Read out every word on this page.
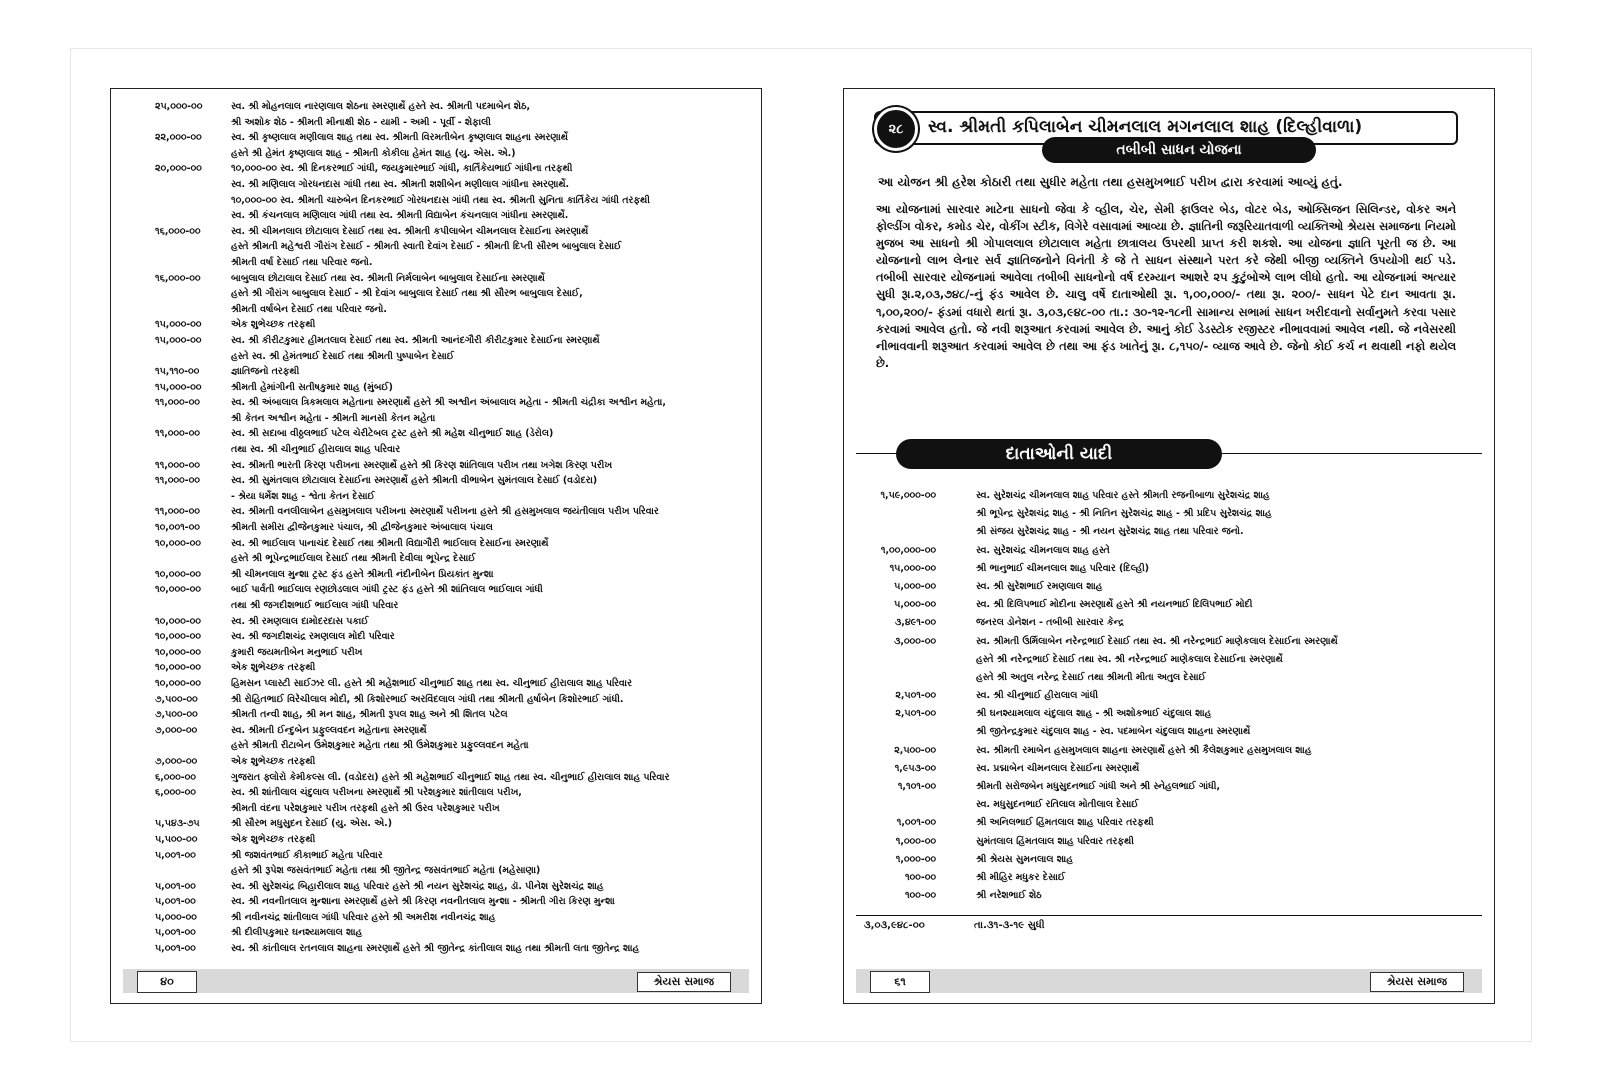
૨૫,૦૦૦-૦૦	સ્વ. શ્રી મોહનલાલ નારણલાલ શેઠના સ્મરણાર્થે હસ્તે સ્વ. શ્રીમતી પદમાબેન શેઠ,
શ્રી અશોક શેઠ - શ્રીમતી મીનાક્ષી શેઠ - યામી - અમી - પૂર્વી - શેફાલી
૨૨,૦૦૦-૦૦	સ્વ. શ્રી કૃષ્ણલાલ મણીલાલ શાહ તથા સ્વ. શ્રીમતી વિરમતીબેન કૃષ્ણલાલ શાહના સ્મરણાર્થે
હસ્તે શ્રી હેમંત કૃષ્ણલાલ શાહ - શ્રીમતી કોકીલા હેમંત શાહ (યુ. એસ. એ.)
૨૦,૦૦૦-૦૦	૧૦,૦૦૦-૦૦ સ્વ. શ્રી દિનકરભાઈ ગાંધી, જયકુમારભાઈ ગાંધી, કાર્તિકેયભાઈ ગાંધીના તરફથી
સ્વ. શ્રી મણિલાલ ગોરધનદાસ ગાંધી તથા સ્વ. શ્રીમતી શશીબેન મણીલાલ ગાંધીના સ્મરણાર્થે.
૧૦,૦૦૦-૦૦ સ્વ. શ્રીમતી ચારુબેન દિનકરભાઈ ગોરધનદાસ ગાંધી તથા સ્વ. શ્રીમતી સુનિતા કાર્તિકેય ગાંધી તરફથી
સ્વ. શ્રી કંચનલાલ મણિલાલ ગાંધી તથા સ્વ. શ્રીમતી વિદ્યાબેન કંચનલાલ ગાંધીના સ્મરણાર્થે.
૧૬,૦૦૦-૦૦	સ્વ. શ્રી ચીમનલાલ છોટાલાલ દેસાઈ તથા સ્વ. શ્રીમતી કપીલાબેન ચીમનલાલ દેસાઈના સ્મરણાર્થે
હસ્તે શ્રીમતી મહેશ્વરી ગૌરાંગ દેસાઈ - શ્રીમતી સ્વાતી દેવાંગ દેસાઈ - શ્રીમતી દિપ્તી સૌરભ બાબુલાલ દેસાઈ
શ્રીમતી વર્ષા દેસાઈ તથા પરિવાર જનો.
૧૬,૦૦૦-૦૦	બાબુલાલ છોટાલાલ દેસાઈ તથા સ્વ. શ્રીમતી નિર્મલાબેન બાબુલાલ દેસાઈના સ્મરણાર્થે
હસ્તે શ્રી ગૌરાંગ બાબુલાલ દેસાઈ - શ્રી દેવાંગ બાબુલાલ દેસાઈ તથા શ્રી સૌરભ બાબુલાલ દેસાઈ,
શ્રીમતી વર્ષાબેન દેસાઈ તથા પરિવાર જનો.
૧૫,૦૦૦-૦૦	એક શુભેચ્છક તરફથી
૧૫,૦૦૦-૦૦	સ્વ. શ્રી કીરીટકુમાર હીમતલાલ દેસાઈ તથા સ્વ. શ્રીમતી આનંદગૌરી કીરીટકુમાર દેસાઈના સ્મરણાર્થે
હસ્તે સ્વ. શ્રી હેમંતભાઈ દેસાઈ તથા શ્રીમતી પુષ્પાબેન દેસાઈ
૧૫,૧૧૦-૦૦	જ્ઞાતિજનો તરફથી
૧૫,૦૦૦-૦૦	શ્રીમતી હેમાંગીની સતીષકુમાર શાહ (મુંબઈ)
૧૧,૦૦૦-૦૦	સ્વ. શ્રી અંબાલાલ ત્રિકમલાલ મહેતાના સ્મરણાર્થે હસ્તે શ્રી અશ્વીન અંબાલાલ મહેતા - શ્રીમતી ચંદ્રીકા અશ્વીન મહેતા,
શ્રી કેતન અશ્વીન મહેતા - શ્રીમતી માનસી કેતન મહેતા
૧૧,૦૦૦-૦૦	સ્વ. શ્રી સદાબા વીઠ્ઠલભાઈ પટેલ ચેરીટેબલ ટ્રસ્ટ હસ્તે શ્રી મહેશ ચીનુભાઈ શાહ (ડેરોલ)
તથા સ્વ. શ્રી ચીનુભાઈ હીરાલાલ શાહ પરિવાર
૧૧,૦૦૦-૦૦	સ્વ. શ્રીમતી ભારતી કિરણ પરીખના સ્મરણાર્થે હસ્તે શ્રી કિરણ શાંતિલાલ પરીખ તથા ખગેશ કિરણ પરીખ
૧૧,૦૦૦-૦૦	સ્વ. શ્રી સુમંતલાલ છોટાલાલ દેસાઈના સ્મરણાર્થે હસ્તે શ્રીમતી વીભાબેન સુમંતલાલ દેસાઈ (વડોદરા)
- શ્રેયા ધર્મેશ શાહ - શ્વેતા કેતન દેસાઈ
૧૧,૦૦૦-૦૦	સ્વ. શ્રીમતી વનલીલાબેન હસમુખલાલ પરીખના સ્મરણાર્થે પરીખના હસ્તે શ્રી હસમુખલાલ જયંતીલાલ પરીખ પરિવાર
૧૦,૦૦૧-૦૦	શ્રીમતી સમીરા દ્વીજેનકુમાર પંચાલ, શ્રી દ્વીજેનકુમાર અંબાલાલ પંચાલ
૧૦,૦૦૦-૦૦	સ્વ. શ્રી ભાઈલાલ પાનાચંદ દેસાઈ તથા શ્રીમતી વિદ્યાગૌરી ભાઈલાલ દેસાઈના સ્મરણાર્થે
હસ્તે શ્રી ભૂપેન્દ્રભાઈલાલ દેસાઈ તથા શ્રીમતી દેવીલા ભૂપેન્દ્ર દેસાઈ
૧૦,૦૦૦-૦૦	શ્રી ચીમનલાલ મુન્શા ટ્રસ્ટ ફંડ હસ્તે શ્રીમતી નંદીનીબેન પ્રિયકાંત મુન્શા
૧૦,૦૦૦-૦૦	બાઈ પાર્વતી ભાઈલાલ રણછોડલાલ ગાંધી ટ્રસ્ટ ફંડ હસ્તે શ્રી શાંતિલાલ ભાઈલાલ ગાંધી
તથા શ્રી જગદીશભાઈ ભાઈલાલ ગાંધી પરિવાર
૧૦,૦૦૦-૦૦	સ્વ. શ્રી રમણલાલ દામોદરદાસ પકાઈ
૧૦,૦૦૦-૦૦	સ્વ. શ્રી જગદીશચંદ્ર રમણલાલ મોદી પરિવાર
૧૦,૦૦૦-૦૦	કુમારી જયમતીબેન મનુભાઈ પરીખ
૧૦,૦૦૦-૦૦	એક શુભેચ્છક તરફથી
૧૦,૦૦૦-૦૦	હિમસન પ્લાસ્ટી સાઈઝર લી. હસ્તે શ્રી મહેશભાઈ ચીનુભાઈ શાહ તથા સ્વ. ચીનુભાઈ હીરાલાલ શાહ પરિવાર
૭,૫૦૦-૦૦	શ્રી રોહિતભાઈ વિરેચીલાલ મોદી, શ્રી કિશોરભાઈ અરવિંદલાલ ગાંધી તથા શ્રીમતી હર્ષાબેન કિશોરભાઈ ગાંધી.
૭,૫૦૦-૦૦	શ્રીમતી તન્વી શાહ, શ્રી મન શાહ, શ્રીમતી રૂપલ શાહ અને શ્રી શિતલ પટેલ
૭,૦૦૦-૦૦	સ્વ. શ્રીમતી ઈન્દુબેન પ્રફુલ્લવદન મહેતાના સ્મરણાર્થે
હસ્તે શ્રીમતી રીટાબેન ઉમેશકુમાર મહેતા તથા શ્રી ઉમેશકુમાર પ્રફુલ્લવદન મહેતા
૭,૦૦૦-૦૦	એક શુભેચ્છક તરફથી
૬,૦૦૦-૦૦	ગુજરાત ફ્લોરો કેમીકલ્સ લી. (વડોદરા) હસ્તે શ્રી મહેશભાઈ ચીનુભાઈ શાહ તથા સ્વ. ચીનુભાઈ હીરાલાલ શાહ પરિવાર
૬,૦૦૦-૦૦	સ્વ. શ્રી શાંતીલાલ ચંદુલાલ પરીખના સ્મરણાર્થે શ્રી પરેશકુમાર શાંતીલાલ પરીખ,
શ્રીમતી વંદના પરેશકુમાર પરીખ તરફથી હસ્તે શ્રી ઉરવ પરેશકુમાર પરીખ
૫,૫૪૩-૭૫	શ્રી સૌરભ મધુસુદન દેસાઈ (યુ. એસ. એ.)
૫,૫૦૦-૦૦	એક શુભેચ્છક તરફથી
૫,૦૦૧-૦૦	શ્રી જશવંતભાઈ કીકાભાઈ મહેતા પરિવાર
હસ્તે શ્રી રૂપેશ જસવંતભાઈ મહેતા તથા શ્રી જીતેન્દ્ર જસવંતભાઈ મહેતા (મહેસાણા)
૫,૦૦૧-૦૦	સ્વ. શ્રી સુરેશચંદ્ર બિહારીલાલ શાહ પરિવાર હસ્તે શ્રી નયન સુરેશચંદ્ર શાહ, ડૉ. પીનેશ સુરેશચંદ્ર શાહ
૫,૦૦૧-૦૦	સ્વ. શ્રી નવનીતલાલ મુન્શાના સ્મરણાર્થે હસ્તે શ્રી કિરણ નવનીતલાલ મુન્શા - શ્રીમતી ગીરા કિરણ મુન્શા
૫,૦૦૦-૦૦	શ્રી નવીનચંદ્ર શાંતીલાલ ગાંધી પરિવાર હસ્તે શ્રી અમરીશ નવીનચંદ્ર શાહ
૫,૦૦૧-૦૦	શ્રી દીલીપકુમાર ઘનશ્યામલાલ શાહ
૫,૦૦૧-૦૦	સ્વ. શ્રી કાંતીલાલ રતનલાલ શાહના સ્મરણાર્થે હસ્તે શ્રી જીતેન્દ્ર કાંતીલાલ શાહ તથા શ્રીમતી લતા જીતેન્દ્ર શાહ
૪૦	શ્રેયસ સમાજ
૨૮	સ્વ. શ્રીમતી કપિલાબેન ચીમનલાલ મગનલાલ શાહ (દિલ્હીવાળા)
તબીબી સાધન યોજના
આ યોજન શ્રી હરેશ કોઠારી તથા સુધીર મહેતા તથા હસમુખભાઈ પરીખ દ્વારા કરવામાં આવ્યું હતું.
આ યોજનામાં સારવાર માટેના સાધનો જેવા કે વ્હીલ, ચેર, સેમી ફાઉલર બેડ, વોટર બેડ, ઓક્સિજન સિલિન્ડર, વોકર અને ફોલ્ડીંગ વોકર, કમોડ ચેર, વોકીંગ સ્ટીક, વિગેરે વસાવામાં આવ્યા છે. જ્ઞાતિની જરૂરિયાતવાળી વ્યક્તિઓ શ્રેયસ સમાજના નિયમો મુજબ આ સાધનો શ્રી ગોપાલલાલ છોટાલાલ મહેતા છાત્રાલય ઉપરથી પ્રાપ્ત કરી શકશે. આ યોજના જ્ઞાતિ પૂરતી જ છે. આ યોજનાનો લાભ લેનાર સર્વ જ્ઞાતિજનોને વિનંતી કે જે તે સાધન સંસ્થાને પરત કરે જેથી બીજી વ્યક્તિને ઉપયોગી થઈ પડે. તબીબી સારવાર યોજનામાં આવેલા તબીબી સાધનોનો વર્ષ દરમ્યાન આશરે ૨૫ કુટુંબોએ લાભ લીધો હતો. આ યોજનામાં અત્યાર સુધી રૂા.૨,૦૩,૭૪૮/-નું ફંડ આવેલ છે. ચાલુ વર્ષે દાતાઓથી રૂા. ૧,૦૦,૦૦૦/- તથા રૂા. ૨૦૦/- સાધન પેટે દાન આવતા રૂા. ૧,૦૦,૨૦૦/- ફંડમાં વધારો થતાં રૂા. ૩,૦૩,૯૪૮-૦૦ તા.: ૩૦-૧૨-૧૮ની સામાન્ય સભામાં સાધન ખરીદવાનો સર્વાનુમતે કરવા પસાર કરવામાં આવેલ હતો. જે નવી શરૂઆત કરવામાં આવેલ છે. આનું કોઈ ડેડસ્ટોક રજીસ્ટર નીભાવવામાં આવેલ નથી. જે નવેસરથી નીભાવવાની શરૂઆત કરવામાં આવેલ છે તથા આ ફંડ ખાતેનું રૂા. ૮,૧૫૦/- વ્યાજ આવે છે. જેનો કોઈ કર્ચ ન થવાથી નફો થયેલ છે.
દાતાઓની યાદી
૧,૫૯,૦૦૦-૦૦	સ્વ. સુરેશચંદ્ર ચીમનલાલ શાહ પરિવાર હસ્તે શ્રીમતી રજનીબાળા સુરેશચંદ્ર શાહ
શ્રી ભૂપેન્દ્ર સુરેશચંદ્ર શાહ - શ્રી નિતિન સુરેશચંદ્ર શાહ - શ્રી પ્રદિપ સુરેશચંદ્ર શાહ
શ્રી સંજય સુરેશચંદ્ર શાહ - શ્રી નયન સુરેશચંદ્ર શાહ તથા પરિવાર જનો.
૧,૦૦,૦૦૦-૦૦	સ્વ. સુરેશચંદ્ર ચીમનલાલ શાહ હસ્તે
૧૫,૦૦૦-૦૦	શ્રી ભાનુભાઈ ચીમનલાલ શાહ પરિવાર (દિલ્હી)
૫,૦૦૦-૦૦	સ્વ. શ્રી સુરેશભાઈ રમણલાલ શાહ
૫,૦૦૦-૦૦	સ્વ. શ્રી દિલિપભાઈ મોદીના સ્મરણાર્થે હસ્તે શ્રી નયનભાઈ દિલિપભાઈ મોદી
૩,૪૯૧-૦૦	જનરલ ડોનેશન - તબીબી સારવાર કેન્દ્ર
૩,૦૦૦-૦૦	સ્વ. શ્રીમતી ઉર્મિલાબેન નરેન્દ્રભાઈ દેસાઈ તથા સ્વ. શ્રી નરેન્દ્રભાઈ માણેકલાલ દેસાઈના સ્મરણાર્થે
હસ્તે શ્રી નરેન્દ્રભાઈ દેસાઈ તથા સ્વ. શ્રી નરેન્દ્રભાઈ માણેકલાલ દેસાઈના સ્મરણાર્થે
હસ્તે શ્રી અતુલ નરેન્દ્ર દેસાઈ તથા શ્રીમતી મીતા અતુલ દેસાઈ
૨,૫૦૧-૦૦	સ્વ. શ્રી ચીનુભાઈ હીરાલાલ ગાંધી
૨,૫૦૧-૦૦	શ્રી ઘનશ્યામલાલ ચંદુલાલ શાહ - શ્રી અશોકભાઈ ચંદુલાલ શાહ
શ્રી જીતેન્દ્રકુમાર ચંદુલાલ શાહ - સ્વ. પદમાબેન ચંદુલાલ શાહના સ્મરણાર્થે
૨,૫૦૦-૦૦	સ્વ. શ્રીમતી રમાબેન હસમુખલાલ શાહના સ્મરણાર્થે હસ્તે શ્રી કૈલેશકુમાર હસમુખલાલ શાહ
૧,૯૫૩-૦૦	સ્વ. પ્રદ્માબેન ચીમનલાલ દેસાઈના સ્મરણાર્થે
૧,૧૦૧-૦૦	શ્રીમતી સરોજબેન મધુસુદનભાઈ ગાંધી અને શ્રી સ્નેહલભાઈ ગાંધી,
સ્વ. મધુસુદનભાઈ રતિલાલ મોતીલાલ દેસાઈ
૧,૦૦૧-૦૦	શ્રી અનિલભાઈ હિંમતલાલ શાહ પરિવાર તરફથી
૧,૦૦૦-૦૦	સુમંતલાલ હિંમતલાલ શાહ પરિવાર તરફથી
૧,૦૦૦-૦૦	શ્રી શ્રેયસ સુમનલાલ શાહ
૧૦૦-૦૦	શ્રી મીહિર મધુકર દેસાઈ
૧૦૦-૦૦	શ્રી નરેશભાઈ શેઠ
૩,૦૩,૯૪૮-૦૦	તા.૩૧-૩-૧૯ સુધી
૬૧	શ્રેયસ સમાજ
